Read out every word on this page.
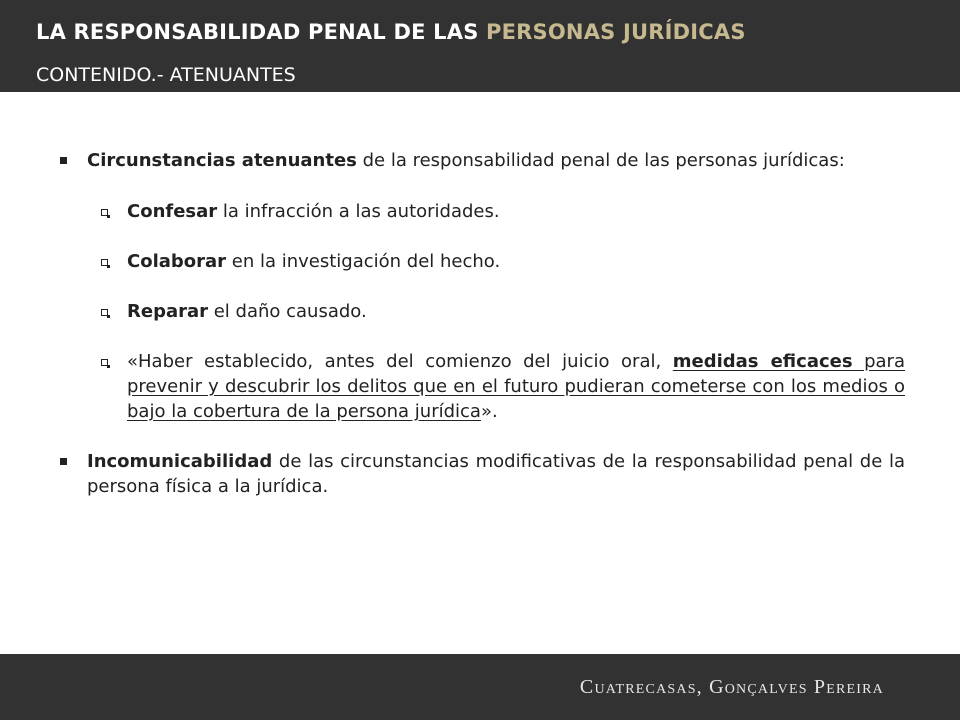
LA RESPONSABILIDAD PENAL DE LAS PERSONAS JURÍDICAS
CONTENIDO.- ATENUANTES
Circunstancias atenuantes de la responsabilidad penal de las personas jurídicas:
Confesar la infracción a las autoridades.
Colaborar en la investigación del hecho.
Reparar el daño causado.
«Haber establecido, antes del comienzo del juicio oral, medidas eficaces para prevenir y descubrir los delitos que en el futuro pudieran cometerse con los medios o bajo la cobertura de la persona jurídica».
Incomunicabilidad de las circunstancias modificativas de la responsabilidad penal de la persona física a la jurídica.
Cuatrecasas, Gonçalves Pereira
